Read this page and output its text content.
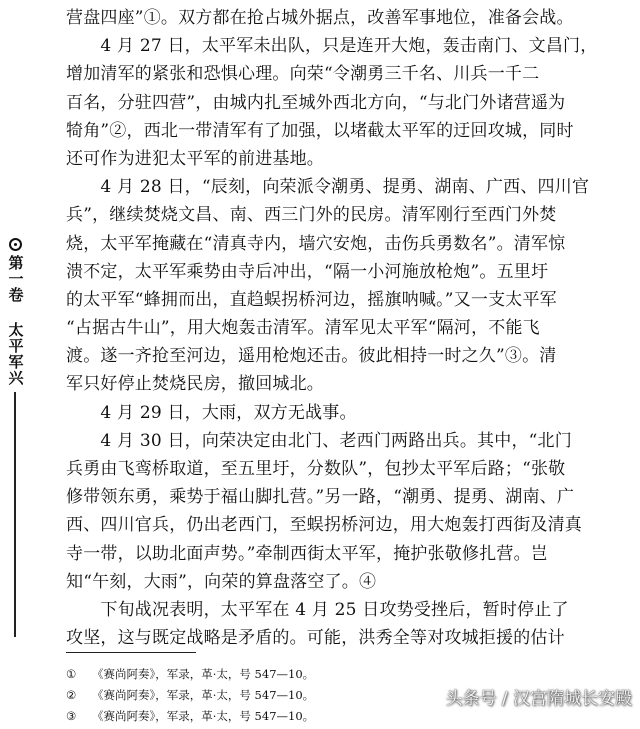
第一卷 太平军兴
营盘四座”①。双方都在抢占城外据点，改善军事地位，准备会战。
　　4 月 27 日，太平军未出队，只是连开大炮，轰击南门、文昌门，
增加清军的紧张和恐惧心理。向荣“令潮勇三千名、川兵一千二
百名，分驻四营”，由城内扎至城外西北方向，“与北门外诸营遥为
犄角”②，西北一带清军有了加强，以堵截太平军的迂回攻城，同时
还可作为进犯太平军的前进基地。
　　4 月 28 日，“辰刻，向荣派令潮勇、提勇、湖南、广西、四川官
兵”，继续焚烧文昌、南、西三门外的民房。清军刚行至西门外焚
烧，太平军掩藏在“清真寺内，墙穴安炮，击伤兵勇数名”。清军惊
溃不定，太平军乘势由寺后冲出，“隔一小河施放枪炮”。五里圩
的太平军“蜂拥而出，直趋蜈拐桥河边，摇旗呐喊。”又一支太平军
“占据古牛山”，用大炮轰击清军。清军见太平军“隔河，不能飞
渡。遂一齐抢至河边，遥用枪炮还击。彼此相持一时之久”③。清
军只好停止焚烧民房，撤回城北。
　　4 月 29 日，大雨，双方无战事。
　　4 月 30 日，向荣决定由北门、老西门两路出兵。其中，“北门
兵勇由飞鸾桥取道，至五里圩，分数队”，包抄太平军后路；“张敬
修带领东勇，乘势于福山脚扎营。”另一路，“潮勇、提勇、湖南、广
西、四川官兵，仍出老西门，至蜈拐桥河边，用大炮轰打西街及清真
寺一带，以助北面声势。”牵制西街太平军，掩护张敬修扎营。岂
知“午刻，大雨”，向荣的算盘落空了。④
　　下旬战况表明，太平军在 4 月 25 日攻势受挫后，暂时停止了
攻坚，这与既定战略是矛盾的。可能，洪秀全等对攻城拒援的估计
① 《赛尚阿奏》，军录，革·太，号 547—10。
② 《赛尚阿奏》，军录，革·太，号 547—10。
③ 《赛尚阿奏》，军录，革·太，号 547—10。
头条号 / 汉宫隋城长安殿
